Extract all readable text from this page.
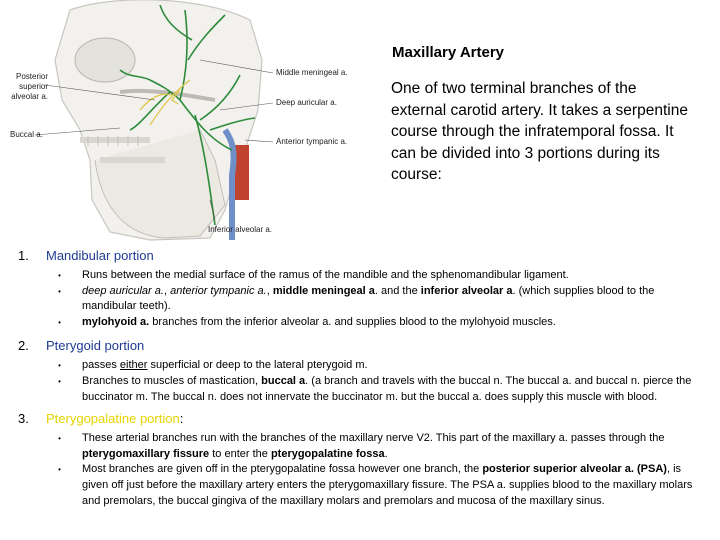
Posterior superior alveolar a.
Buccal a.
Middle meningeal a.
Deep auricular a.
Anterior tympanic a.
Inferior alveolar a.
Maxillary Artery
One of two terminal branches of the external carotid artery. It takes a serpentine course through the infratemporal fossa. It can be divided into 3 portions during its course:
1.	Mandibular portion
•	Runs between the medial surface of the ramus of the mandible and the sphenomandibular ligament.
•	deep auricular a., anterior tympanic a., middle meningeal a. and the inferior alveolar a. (which supplies blood to the mandibular teeth).
•	mylohyoid a. branches from the inferior alveolar a. and supplies blood to the mylohyoid muscles.
2.	Pterygoid portion
•	passes either superficial or deep to the lateral pterygoid m.
•	Branches to muscles of mastication, buccal a. (a branch and travels with the buccal n. The buccal a. and buccal n. pierce the buccinator m. The buccal n. does not innervate the buccinator m. but the buccal a. does supply this muscle with blood.
3.	Pterygopalatine portion:
•	These arterial branches run with the branches of the maxillary nerve V2. This part of the maxillary a. passes through the pterygomaxillary fissure to enter the pterygopalatine fossa.
•	Most branches are given off in the pterygopalatine fossa however one branch, the posterior superior alveolar a. (PSA), is given off just before the maxillary artery enters the pterygomaxillary fissure. The PSA a. supplies blood to the maxillary molars and premolars, the buccal gingiva of the maxillary molars and premolars and mucosa of the maxillary sinus.
